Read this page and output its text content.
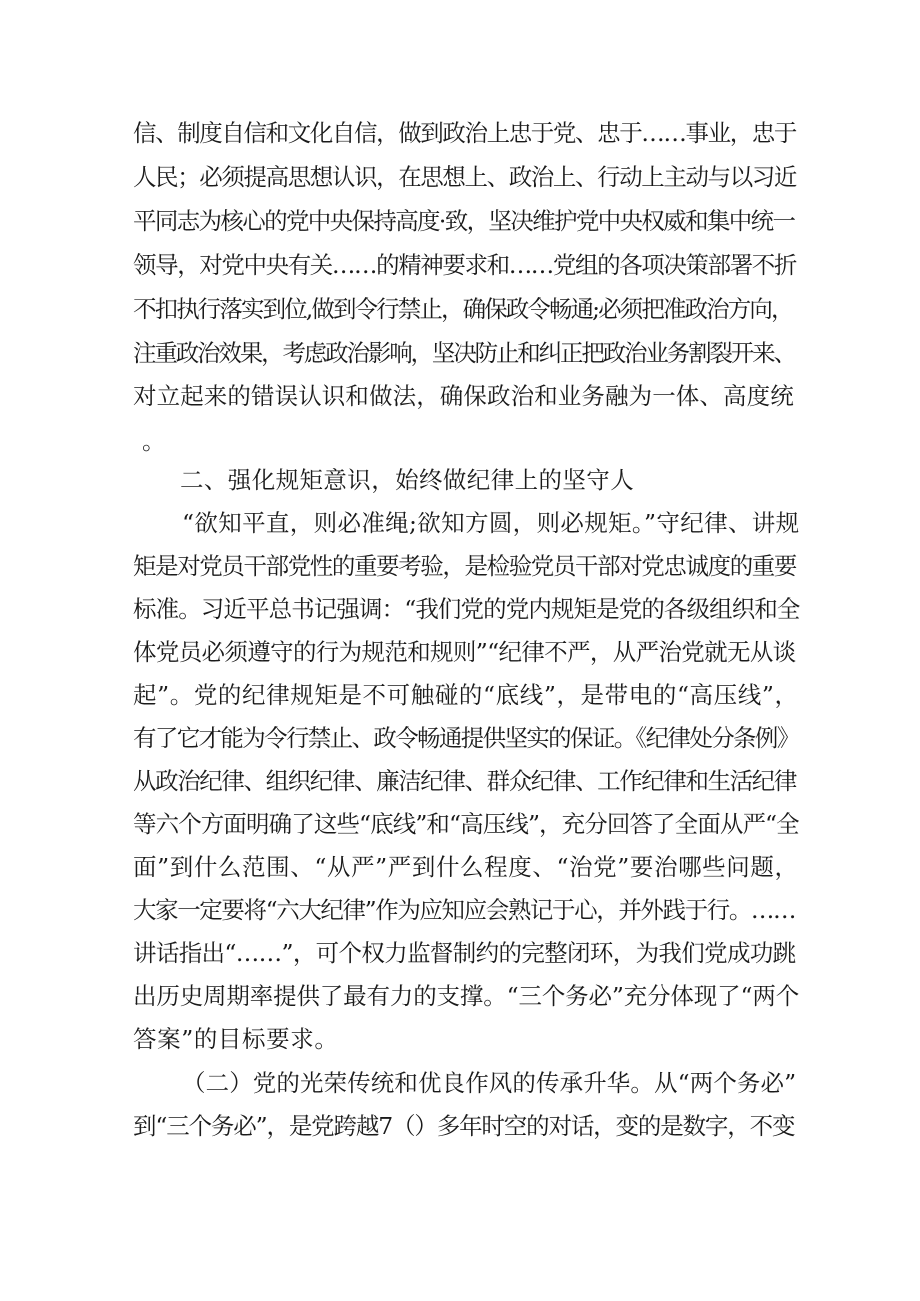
信、制度自信和文化自信，做到政治上忠于党、忠于……事业，忠于
人民；必须提高思想认识，在思想上、政治上、行动上主动与以习近
平同志为核心的党中央保持高度·致，坚决维护党中央权威和集中统一
领导，对党中央有关……的精神要求和……党组的各项决策部署不折
不扣执行落实到位,做到令行禁止，确保政令畅通;必须把准政治方向，
注重政治效果，考虑政治影响，坚决防止和纠正把政治业务割裂开来、
对立起来的错误认识和做法，确保政治和业务融为一体、高度统
。
二、强化规矩意识，始终做纪律上的坚守人
“欲知平直，则必准绳;欲知方圆，则必规矩。”守纪律、讲规
矩是对党员干部党性的重要考验，是检验党员干部对党忠诚度的重要
标准。习近平总书记强调：“我们党的党内规矩是党的各级组织和全
体党员必须遵守的行为规范和规则”“纪律不严，从严治党就无从谈
起”。党的纪律规矩是不可触碰的“底线”，是带电的“高压线”，
有了它才能为令行禁止、政令畅通提供坚实的保证。《纪律处分条例》
从政治纪律、组织纪律、廉洁纪律、群众纪律、工作纪律和生活纪律
等六个方面明确了这些“底线”和“高压线”，充分回答了全面从严“全
面”到什么范围、“从严”严到什么程度、“治党”要治哪些问题，
大家一定要将“六大纪律”作为应知应会熟记于心，并外践于行。……
讲话指出“……”，可个权力监督制约的完整闭环，为我们党成功跳
出历史周期率提供了最有力的支撑。“三个务必”充分体现了“两个
答案”的目标要求。
（二）党的光荣传统和优良作风的传承升华。从“两个务必”
到“三个务必”，是党跨越7（）多年时空的对话，变的是数字，不变
